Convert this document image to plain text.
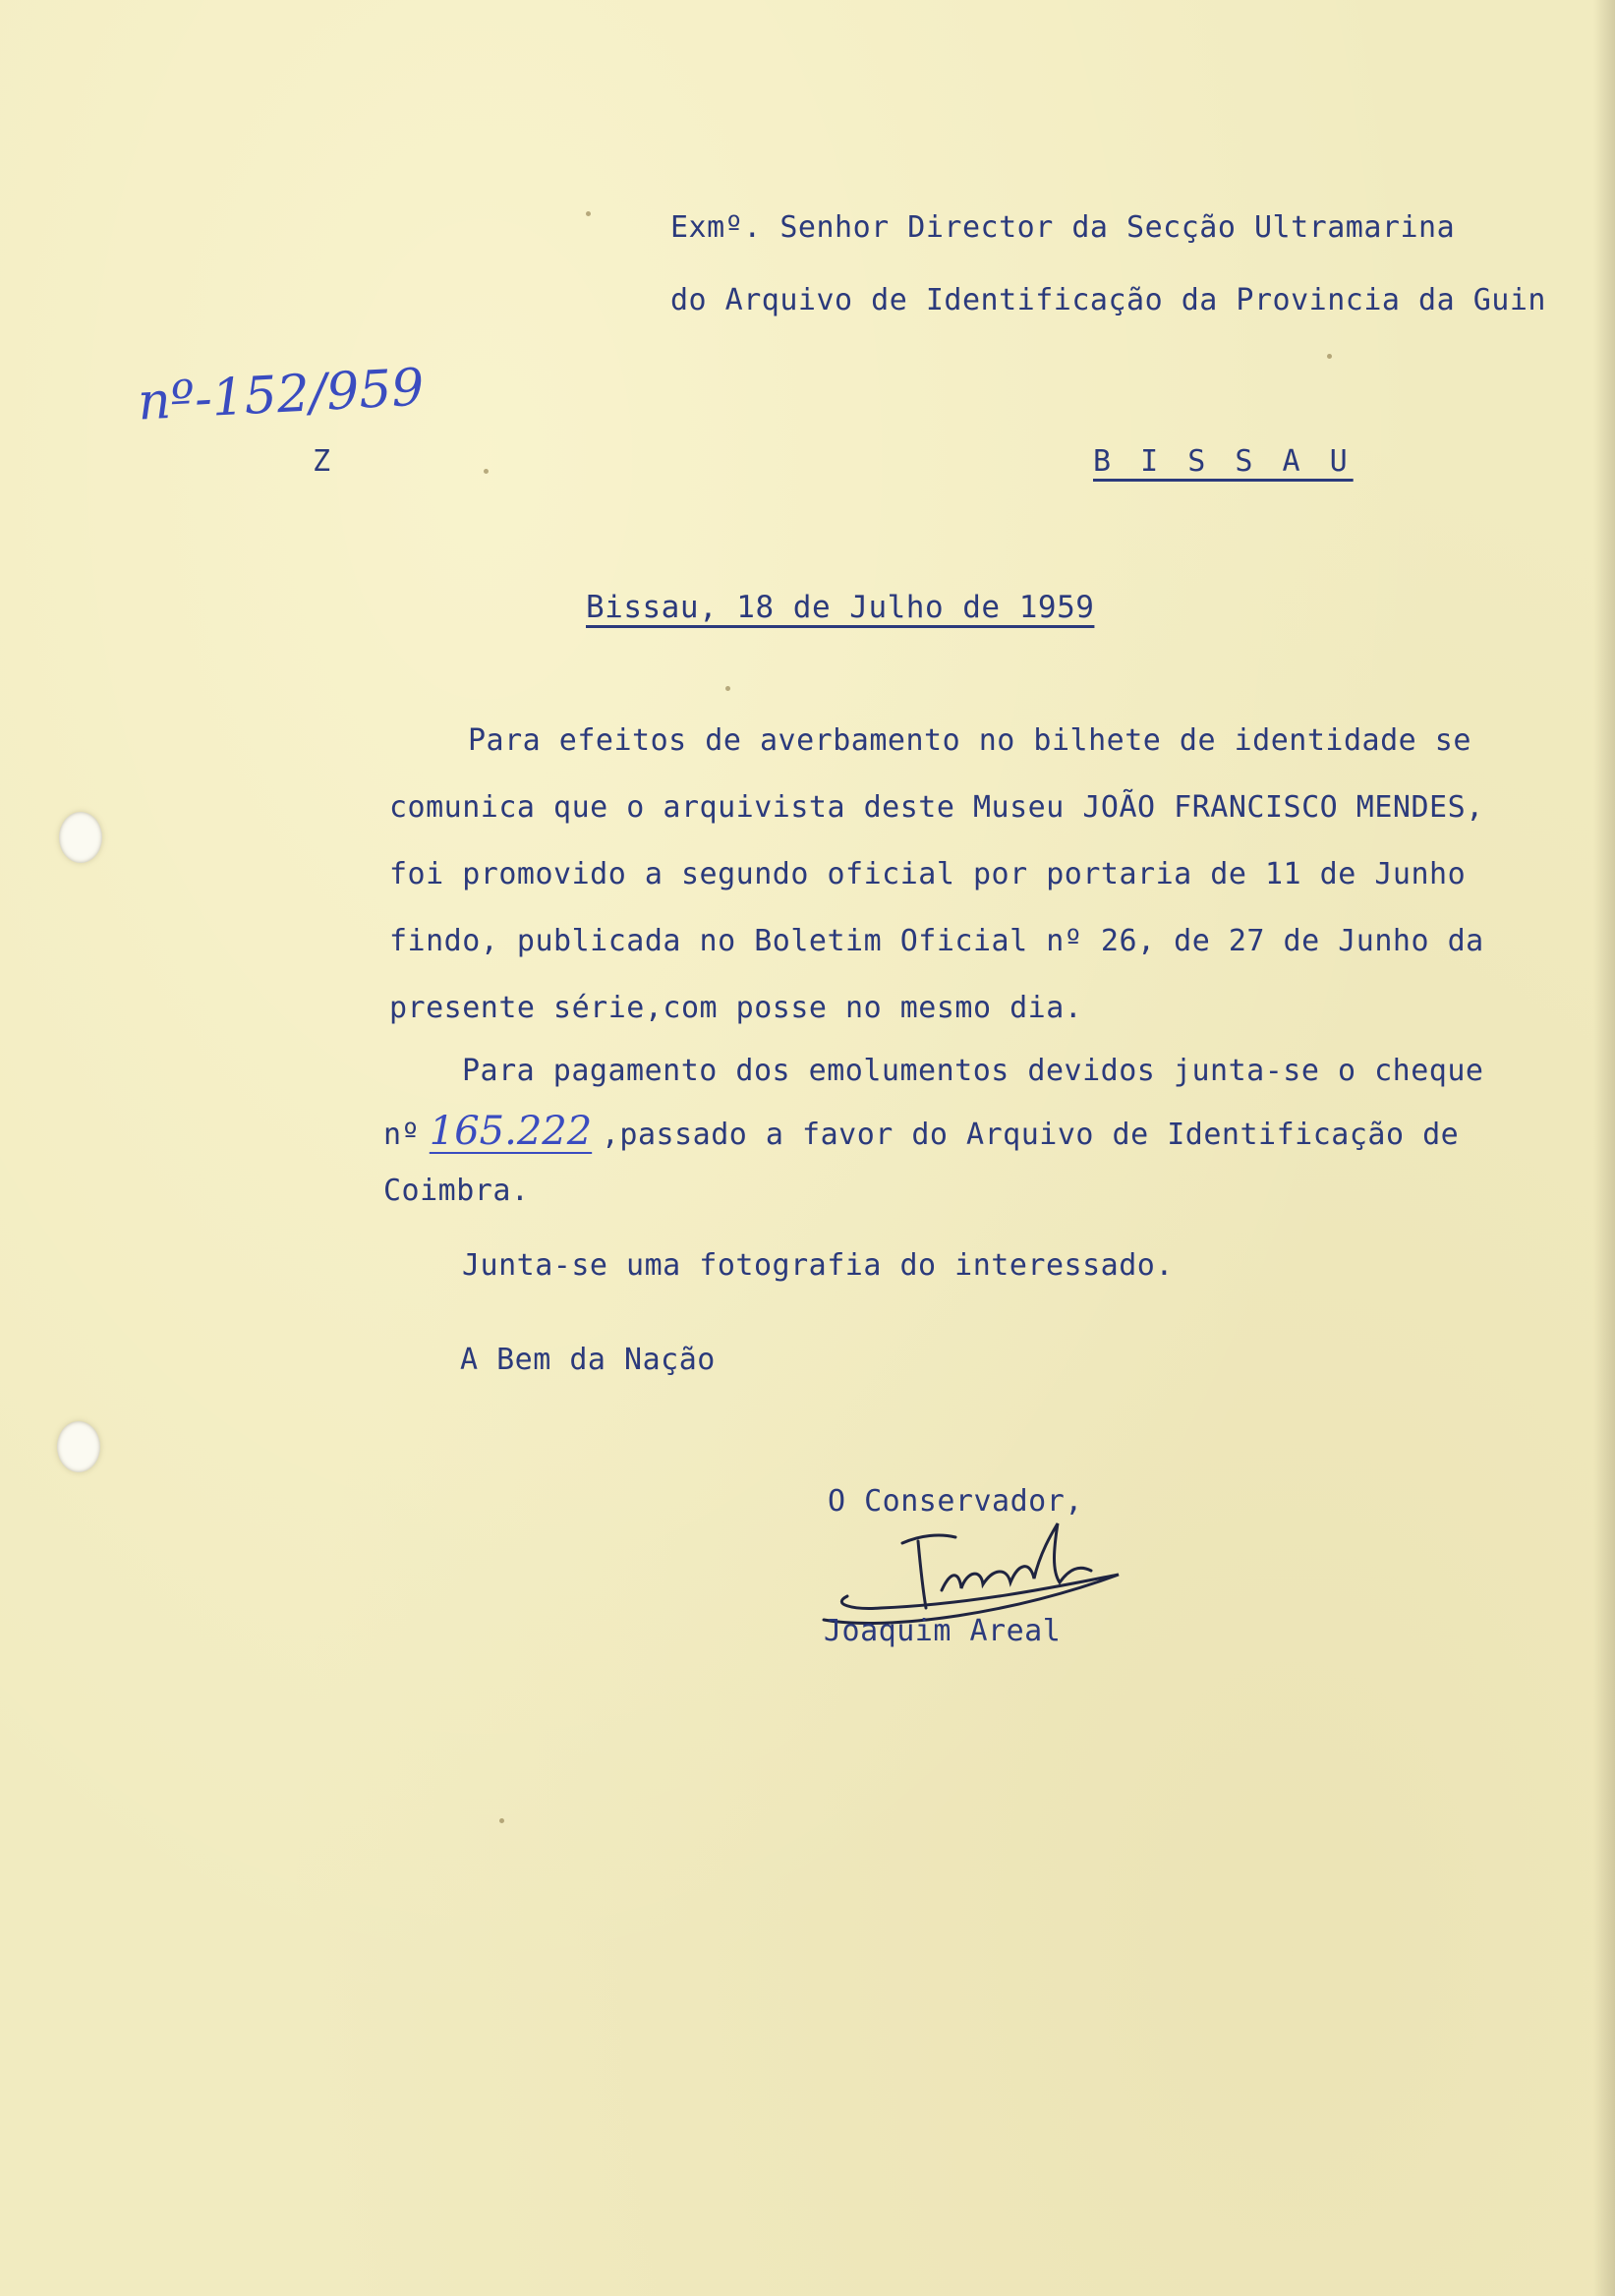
Exmº. Senhor Director da Secção Ultramarina
do Arquivo de Identificação da Provincia da Guin
B I S S A U
nº-152/959
Z
Bissau, 18 de Julho de 1959
Para efeitos de averbamento no bilhete de identidade se
comunica que o arquivista deste Museu JOÃO FRANCISCO MENDES,
foi promovido a segundo oficial por portaria de 11 de Junho
findo, publicada no Boletim Oficial nº 26, de 27 de Junho da
presente série,com posse no mesmo dia.
Para pagamento dos emolumentos devidos junta-se o cheque
nº 165.222 ,passado a favor do Arquivo de Identificação de
Coimbra.
Junta-se uma fotografia do interessado.
A Bem da Nação
O Conservador,
Joaquim Areal
